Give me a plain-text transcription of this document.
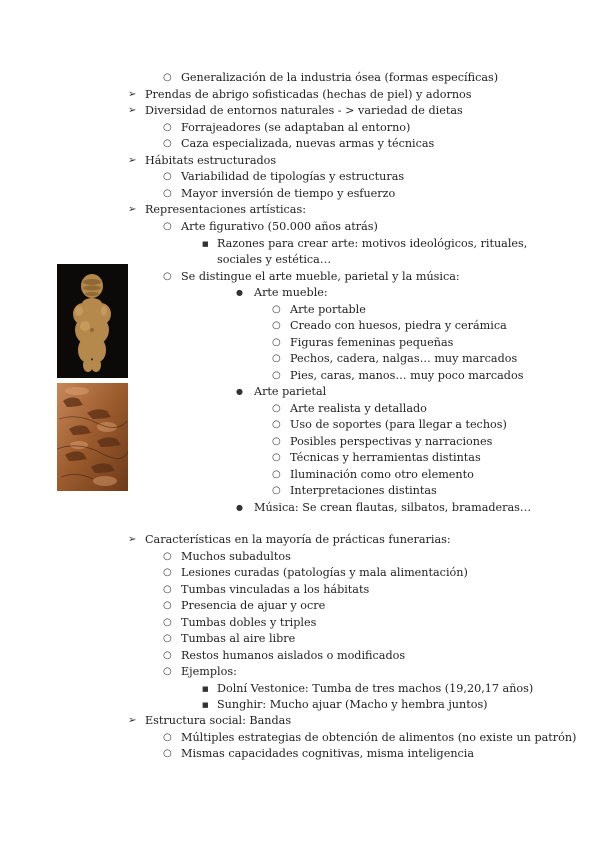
○ Generalización de la industria ósea (formas específicas)
➢ Prendas de abrigo sofisticadas (hechas de piel) y adornos
➢ Diversidad de entornos naturales - > variedad de dietas
○ Forrajeadores (se adaptaban al entorno)
○ Caza especializada, nuevas armas y técnicas
➢ Hábitats estructurados
○ Variabilidad de tipologías y estructuras
○ Mayor inversión de tiempo y esfuerzo
➢ Representaciones artísticas:
○ Arte figurativo (50.000 años atrás)
■ Razones para crear arte: motivos ideológicos, rituales,
sociales y estética…
○ Se distingue el arte mueble, parietal y la música:
● Arte mueble:
○ Arte portable
○ Creado con huesos, piedra y cerámica
○ Figuras femeninas pequeñas
○ Pechos, cadera, nalgas… muy marcados
○ Pies, caras, manos… muy poco marcados
● Arte parietal
○ Arte realista y detallado
○ Uso de soportes (para llegar a techos)
○ Posibles perspectivas y narraciones
○ Técnicas y herramientas distintas
○ Iluminación como otro elemento
○ Interpretaciones distintas
● Música: Se crean flautas, silbatos, bramaderas…
➢ Características en la mayoría de prácticas funerarias:
○ Muchos subadultos
○ Lesiones curadas (patologías y mala alimentación)
○ Tumbas vinculadas a los hábitats
○ Presencia de ajuar y ocre
○ Tumbas dobles y triples
○ Tumbas al aire libre
○ Restos humanos aislados o modificados
○ Ejemplos:
■ Dolní Vestonice: Tumba de tres machos (19,20,17 años)
■ Sunghir: Mucho ajuar (Macho y hembra juntos)
➢ Estructura social: Bandas
○ Múltiples estrategias de obtención de alimentos (no existe un patrón)
○ Mismas capacidades cognitivas, misma inteligencia
